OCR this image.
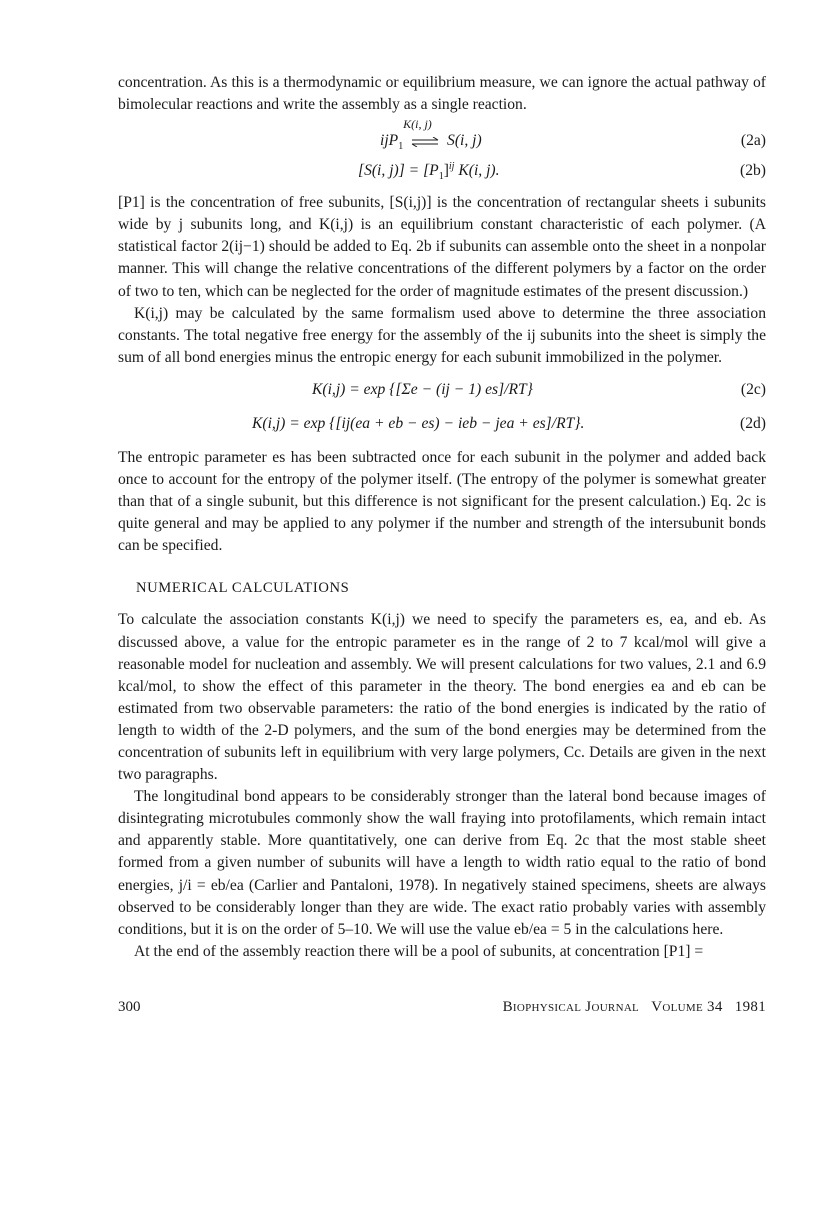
concentration. As this is a thermodynamic or equilibrium measure, we can ignore the actual pathway of bimolecular reactions and write the assembly as a single reaction.

ijP$_1$
K(i, j)
S(i, j)	(2a)
[S(i, $j)] = [P_1]^{ij}$ K(i, j).	(2b)

[P1] is the concentration of free subunits, [S(i,j)] is the concentration of rectangular sheets i subunits wide by j subunits long, and K(i,j) is an equilibrium constant characteristic of each polymer. (A statistical factor 2(ij−1) should be added to Eq. 2b if subunits can assemble onto the sheet in a nonpolar manner. This will change the relative concentrations of the different polymers by a factor on the order of two to ten, which can be neglected for the order of magnitude estimates of the present discussion.)

K(i,j) may be calculated by the same formalism used above to determine the three association constants. The total negative free energy for the assembly of the ij subunits into the sheet is simply the sum of all bond energies minus the entropic energy for each subunit immobilized in the polymer.

K(i,j) = exp {[Σe − (ij − 1) es]/RT}	(2c)
K(i,j) = exp {[ij(ea + eb − es) − ieb − jea + es]/RT}.	(2d)

The entropic parameter es has been subtracted once for each subunit in the polymer and added back once to account for the entropy of the polymer itself. (The entropy of the polymer is somewhat greater than that of a single subunit, but this difference is not significant for the present calculation.) Eq. 2c is quite general and may be applied to any polymer if the number and strength of the intersubunit bonds can be specified.

NUMERICAL CALCULATIONS

To calculate the association constants K(i,j) we need to specify the parameters es, ea, and eb. As discussed above, a value for the entropic parameter es in the range of 2 to 7 kcal/mol will give a reasonable model for nucleation and assembly. We will present calculations for two values, 2.1 and 6.9 kcal/mol, to show the effect of this parameter in the theory. The bond energies ea and eb can be estimated from two observable parameters: the ratio of the bond energies is indicated by the ratio of length to width of the 2-D polymers, and the sum of the bond energies may be determined from the concentration of subunits left in equilibrium with very large polymers, Cc. Details are given in the next two paragraphs.

The longitudinal bond appears to be considerably stronger than the lateral bond because images of disintegrating microtubules commonly show the wall fraying into protofilaments, which remain intact and apparently stable. More quantitatively, one can derive from Eq. 2c that the most stable sheet formed from a given number of subunits will have a length to width ratio equal to the ratio of bond energies, j/i = eb/ea (Carlier and Pantaloni, 1978). In negatively stained specimens, sheets are always observed to be considerably longer than they are wide. The exact ratio probably varies with assembly conditions, but it is on the order of 5–10. We will use the value eb/ea = 5 in the calculations here.

At the end of the assembly reaction there will be a pool of subunits, at concentration [P1] =

300	Biophysical Journal Volume 34 1981
